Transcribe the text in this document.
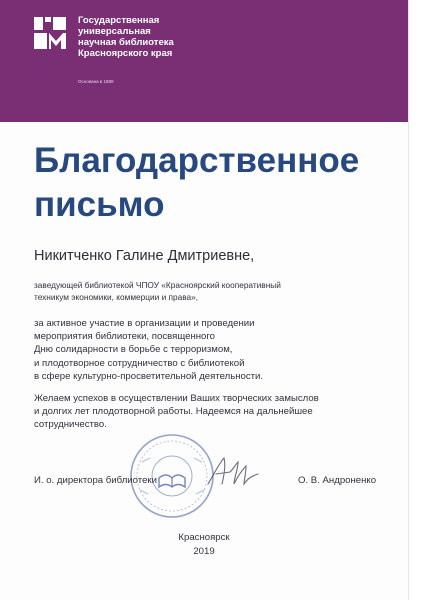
Государственная
универсальная
научная библиотека
Красноярского края
Основана в 1889
Благодарственное
письмо
Никитченко Галине Дмитриевне,
заведующей библиотекой ЧПОУ «Красноярский кооперативный
техникум экономики, коммерции и права»,
за активное участие в организации и проведении
мероприятия библиотеки, посвященного
Дню солидарности в борьбе с терроризмом,
и плодотворное сотрудничество с библиотекой
в сфере культурно-просветительной деятельности.
Желаем успехов в осуществлении Ваших творческих замыслов
и долгих лет плодотворной работы. Надеемся на дальнейшее
сотрудничество.
И. о. директора библиотеки	О. В. Андроненко
Красноярск
2019
